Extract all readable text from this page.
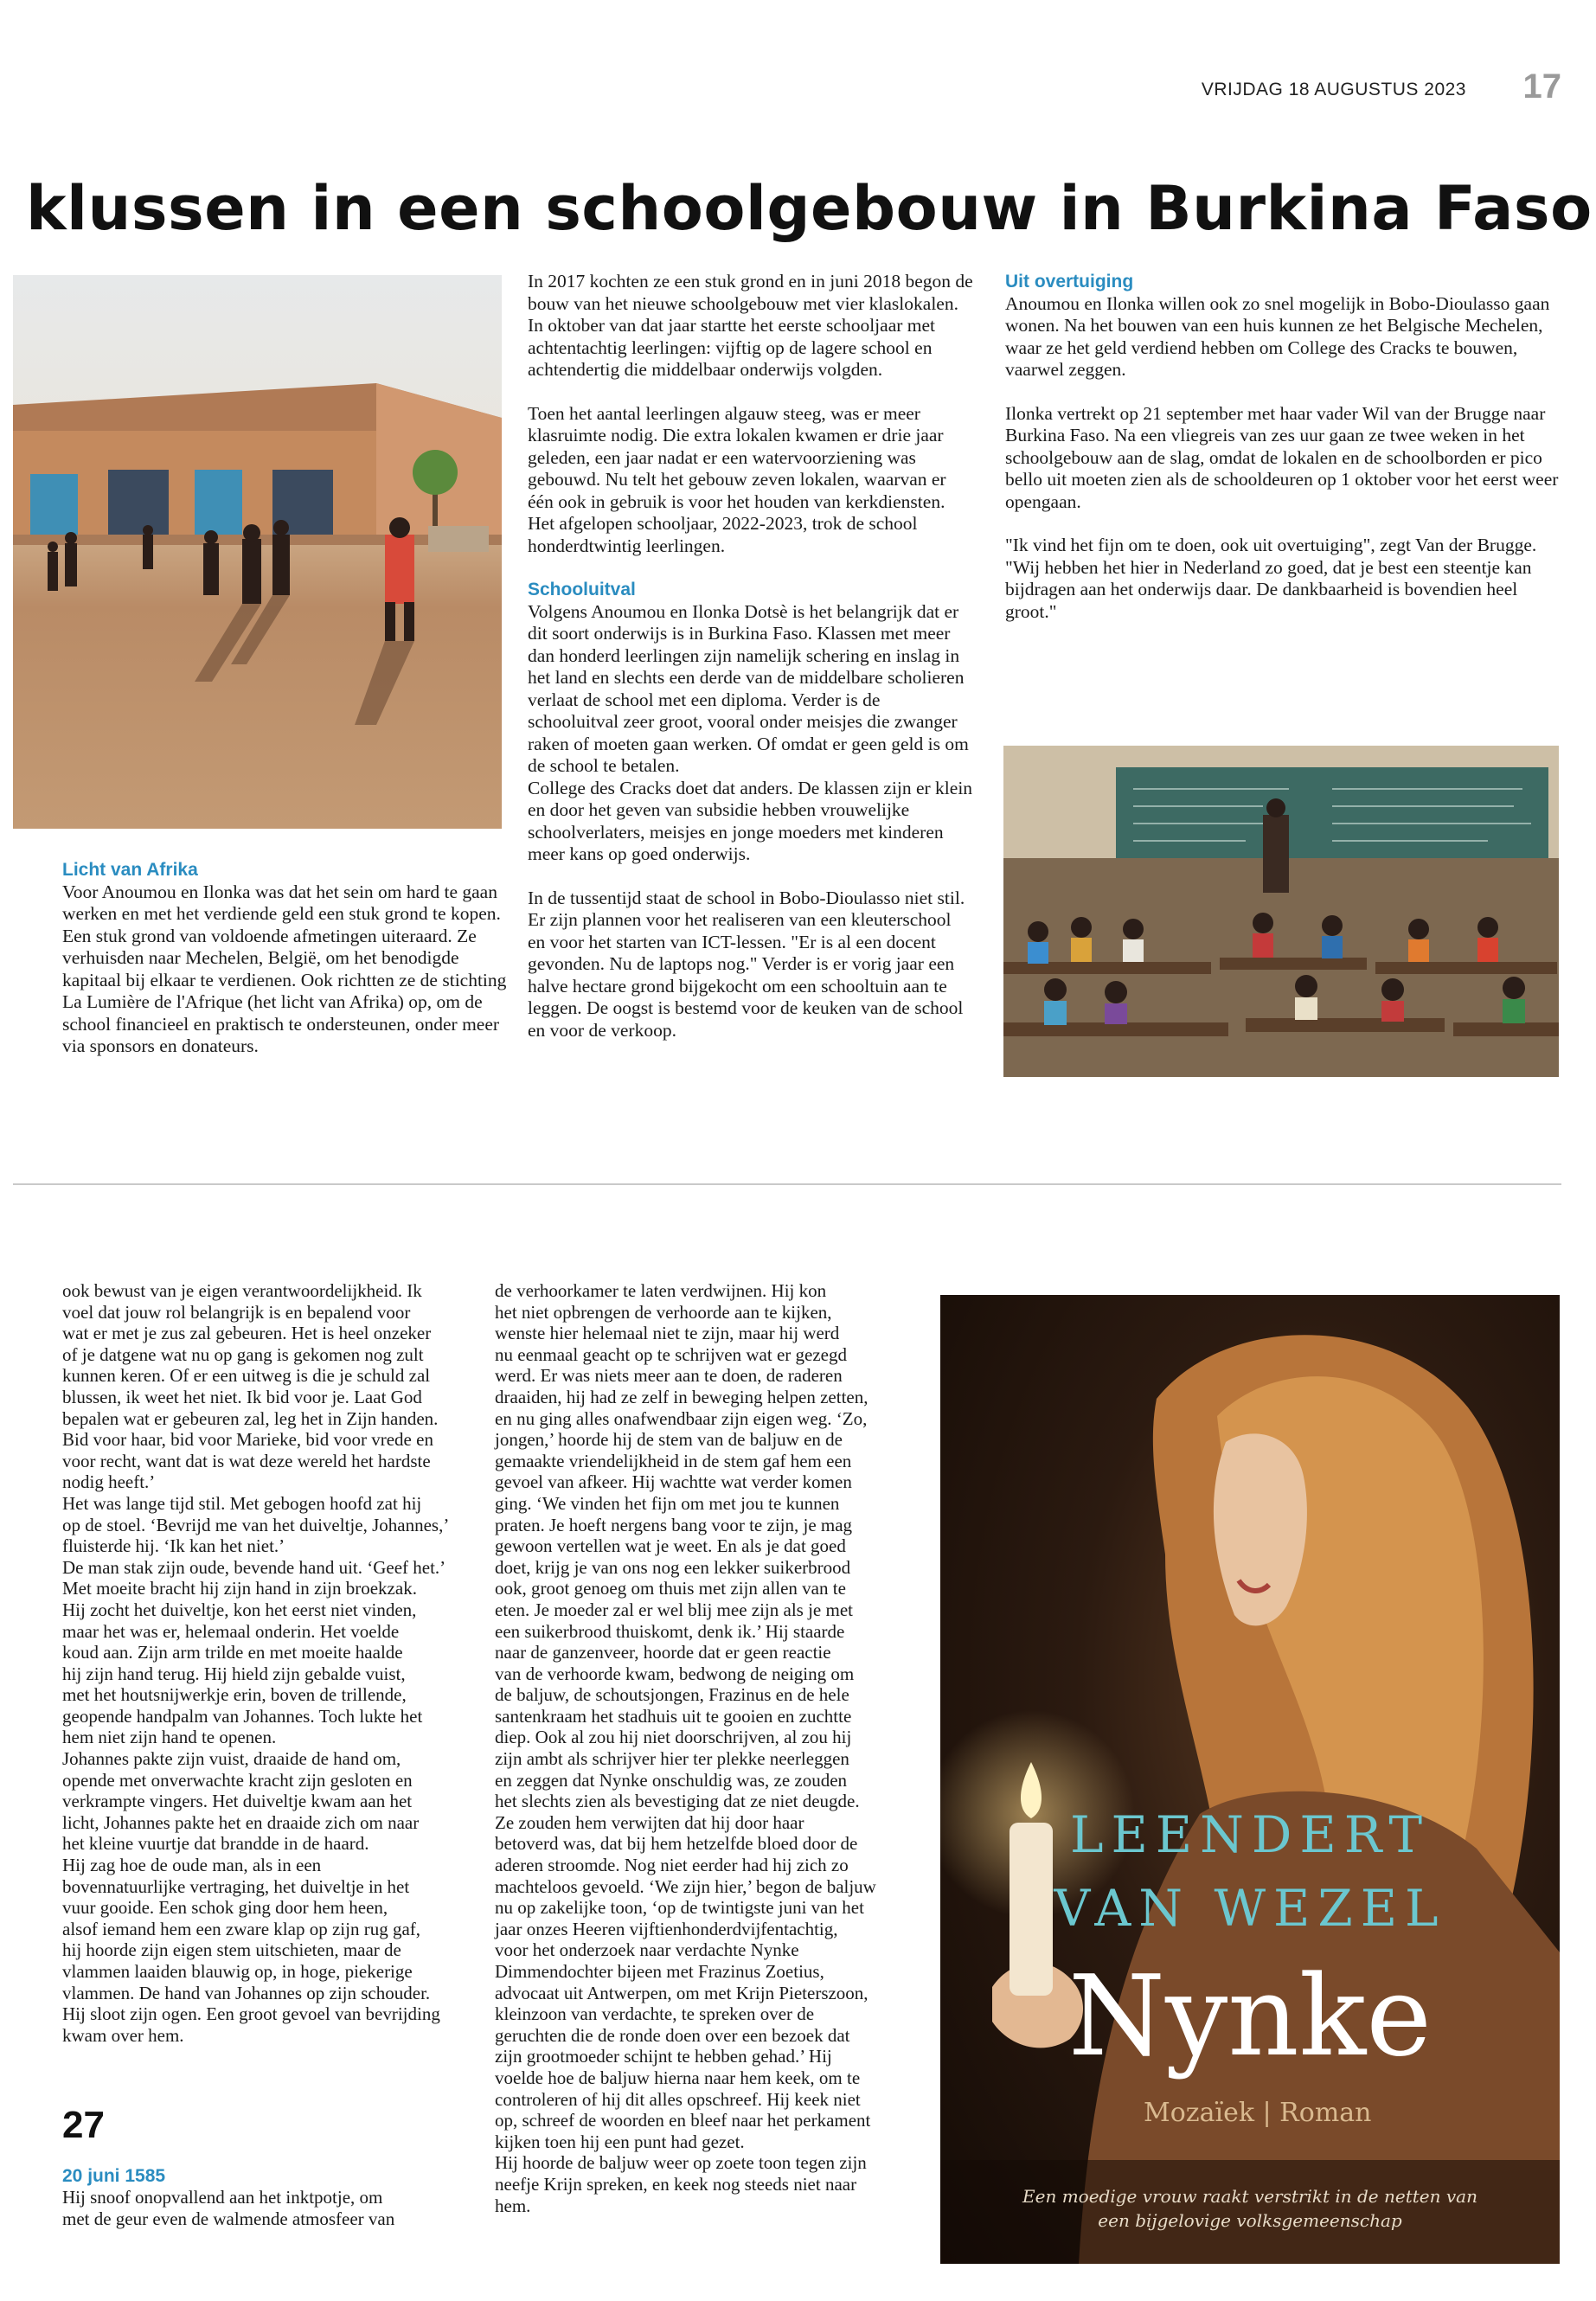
VRIJDAG 18 AUGUSTUS 2023 17
klussen in een schoolgebouw in Burkina Faso
Licht van Afrika

Voor Anoumou en Ilonka was dat het sein om hard te gaan werken en met het verdiende geld een stuk grond te kopen. Een stuk grond van voldoende afmetingen uiteraard. Ze verhuisden naar Mechelen, België, om het benodigde kapitaal bij elkaar te verdienen. Ook richtten ze de stichting La Lumière de l'Afrique (het licht van Afrika) op, om de school financieel en praktisch te ondersteunen, onder meer via sponsors en donateurs.

In 2017 kochten ze een stuk grond en in juni 2018 begon de bouw van het nieuwe schoolgebouw met vier klaslokalen. In oktober van dat jaar startte het eerste schooljaar met achtentachtig leerlingen: vijftig op de lagere school en achtendertig die middelbaar onderwijs volgden.

Toen het aantal leerlingen algauw steeg, was er meer klasruimte nodig. Die extra lokalen kwamen er drie jaar geleden, een jaar nadat er een watervoorziening was gebouwd. Nu telt het gebouw zeven lokalen, waarvan er één ook in gebruik is voor het houden van kerkdiensten. Het afgelopen schooljaar, 2022-2023, trok de school honderdtwintig leerlingen.

Schooluitval

Volgens Anoumou en Ilonka Dotsè is het belangrijk dat er dit soort onderwijs is in Burkina Faso. Klassen met meer dan honderd leerlingen zijn namelijk schering en inslag in het land en slechts een derde van de middelbare scholieren verlaat de school met een diploma. Verder is de schooluitval zeer groot, vooral onder meisjes die zwanger raken of moeten gaan werken. Of omdat er geen geld is om de school te betalen.

College des Cracks doet dat anders. De klassen zijn er klein en door het geven van subsidie hebben vrouwelijke schoolverlaters, meisjes en jonge moeders met kinderen meer kans op goed onderwijs.

In de tussentijd staat de school in Bobo-Dioulasso niet stil. Er zijn plannen voor het realiseren van een kleuterschool en voor het starten van ICT-lessen. "Er is al een docent gevonden. Nu de laptops nog." Verder is er vorig jaar een halve hectare grond bijgekocht om een schooltuin aan te leggen. De oogst is bestemd voor de keuken van de school en voor de verkoop.

Uit overtuiging

Anoumou en Ilonka willen ook zo snel mogelijk in Bobo-Dioulasso gaan wonen. Na het bouwen van een huis kunnen ze het Belgische Mechelen, waar ze het geld verdiend hebben om College des Cracks te bouwen, vaarwel zeggen.

Ilonka vertrekt op 21 september met haar vader Wil van der Brugge naar Burkina Faso. Na een vliegreis van zes uur gaan ze twee weken in het schoolgebouw aan de slag, omdat de lokalen en de schoolborden er pico bello uit moeten zien als de schooldeuren op 1 oktober voor het eerst weer opengaan.

"Ik vind het fijn om te doen, ook uit overtuiging", zegt Van der Brugge. "Wij hebben het hier in Nederland zo goed, dat je best een steentje kan bijdragen aan het onderwijs daar. De dankbaarheid is bovendien heel groot."

ook bewust van je eigen verantwoordelijkheid. Ik

voel dat jouw rol belangrijk is en bepalend voor

wat er met je zus zal gebeuren. Het is heel onzeker

of je datgene wat nu op gang is gekomen nog zult

kunnen keren. Of er een uitweg is die je schuld zal

blussen, ik weet het niet. Ik bid voor je. Laat God

bepalen wat er gebeuren zal, leg het in Zijn handen.

Bid voor haar, bid voor Marieke, bid voor vrede en

voor recht, want dat is wat deze wereld het hardste

nodig heeft.’

Het was lange tijd stil. Met gebogen hoofd zat hij

op de stoel. ‘Bevrijd me van het duiveltje, Johannes,’

fluisterde hij. ‘Ik kan het niet.’

De man stak zijn oude, bevende hand uit. ‘Geef het.’

Met moeite bracht hij zijn hand in zijn broekzak.

Hij zocht het duiveltje, kon het eerst niet vinden,

maar het was er, helemaal onderin. Het voelde

koud aan. Zijn arm trilde en met moeite haalde

hij zijn hand terug. Hij hield zijn gebalde vuist,

met het houtsnijwerkje erin, boven de trillende,

geopende handpalm van Johannes. Toch lukte het

hem niet zijn hand te openen.

Johannes pakte zijn vuist, draaide de hand om,

opende met onverwachte kracht zijn gesloten en

verkrampte vingers. Het duiveltje kwam aan het

licht, Johannes pakte het en draaide zich om naar

het kleine vuurtje dat brandde in de haard.

Hij zag hoe de oude man, als in een

bovennatuurlijke vertraging, het duiveltje in het

vuur gooide. Een schok ging door hem heen,

alsof iemand hem een zware klap op zijn rug gaf,

hij hoorde zijn eigen stem uitschieten, maar de

vlammen laaiden blauwig op, in hoge, piekerige

vlammen. De hand van Johannes op zijn schouder.

Hij sloot zijn ogen. Een groot gevoel van bevrijding

kwam over hem.

27
20 juni 1585

Hij snoof onopvallend aan het inktpotje, om

met de geur even de walmende atmosfeer van

de verhoorkamer te laten verdwijnen. Hij kon

het niet opbrengen de verhoorde aan te kijken,

wenste hier helemaal niet te zijn, maar hij werd

nu eenmaal geacht op te schrijven wat er gezegd

werd. Er was niets meer aan te doen, de raderen

draaiden, hij had ze zelf in beweging helpen zetten,

en nu ging alles onafwendbaar zijn eigen weg. ‘Zo,

jongen,’ hoorde hij de stem van de baljuw en de

gemaakte vriendelijkheid in de stem gaf hem een

gevoel van afkeer. Hij wachtte wat verder komen

ging. ‘We vinden het fijn om met jou te kunnen

praten. Je hoeft nergens bang voor te zijn, je mag

gewoon vertellen wat je weet. En als je dat goed

doet, krijg je van ons nog een lekker suikerbrood

ook, groot genoeg om thuis met zijn allen van te

eten. Je moeder zal er wel blij mee zijn als je met

een suikerbrood thuiskomt, denk ik.’ Hij staarde

naar de ganzenveer, hoorde dat er geen reactie

van de verhoorde kwam, bedwong de neiging om

de baljuw, de schoutsjongen, Frazinus en de hele

santenkraam het stadhuis uit te gooien en zuchtte

diep. Ook al zou hij niet doorschrijven, al zou hij

zijn ambt als schrijver hier ter plekke neerleggen

en zeggen dat Nynke onschuldig was, ze zouden

het slechts zien als bevestiging dat ze niet deugde.

Ze zouden hem verwijten dat hij door haar

betoverd was, dat bij hem hetzelfde bloed door de

aderen stroomde. Nog niet eerder had hij zich zo

machteloos gevoeld. ‘We zijn hier,’ begon de baljuw

nu op zakelijke toon, ‘op de twintigste juni van het

jaar onzes Heeren vijftienhonderdvijfentachtig,

voor het onderzoek naar verdachte Nynke

Dimmendochter bijeen met Frazinus Zoetius,

advocaat uit Antwerpen, om met Krijn Pieterszoon,

kleinzoon van verdachte, te spreken over de

geruchten die de ronde doen over een bezoek dat

zijn grootmoeder schijnt te hebben gehad.’ Hij

voelde hoe de baljuw hierna naar hem keek, om te

controleren of hij dit alles opschreef. Hij keek niet

op, schreef de woorden en bleef naar het perkament

kijken toen hij een punt had gezet.

Hij hoorde de baljuw weer op zoete toon tegen zijn

neefje Krijn spreken, en keek nog steeds niet naar

hem.

LEENDERT
VAN WEZEL
Nynke
Mozaïek | Roman
Een moedige vrouw raakt verstrikt in de netten van
een bijgelovige volksgemeenschap
